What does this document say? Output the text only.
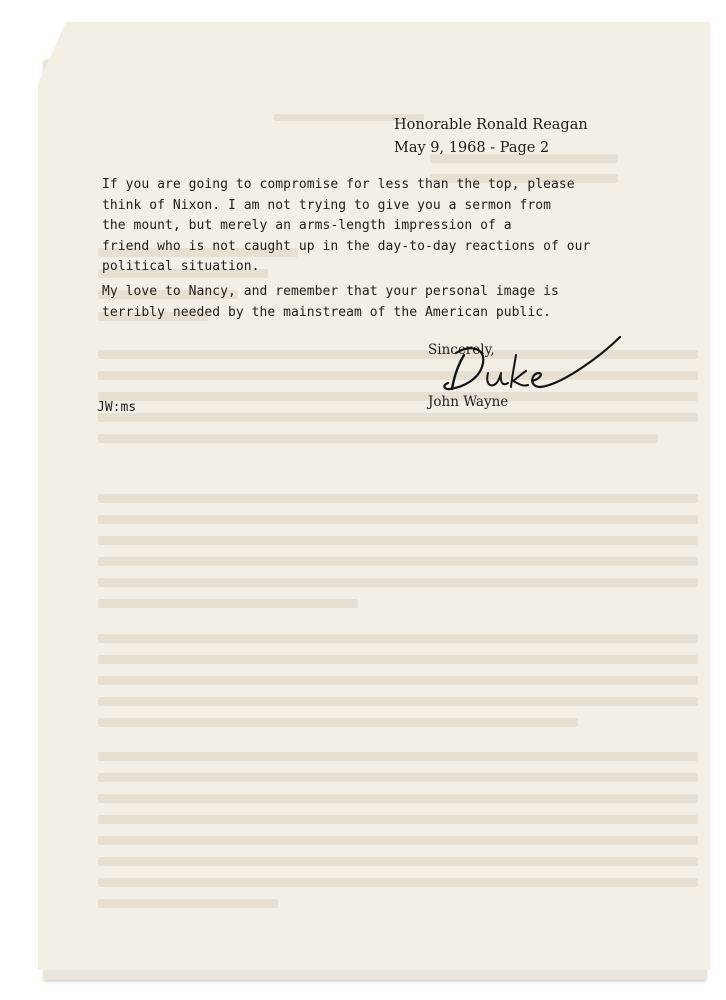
Honorable Ronald Reagan
May 9, 1968 - Page 2
If you are going to compromise for less than the top, please
think of Nixon. I am not trying to give you a sermon from
the mount, but merely an arms-length impression of a
friend who is not caught up in the day-to-day reactions of our
political situation.
My love to Nancy, and remember that your personal image is
terribly needed by the mainstream of the American public.
Sincerely,
John Wayne
JW:ms
